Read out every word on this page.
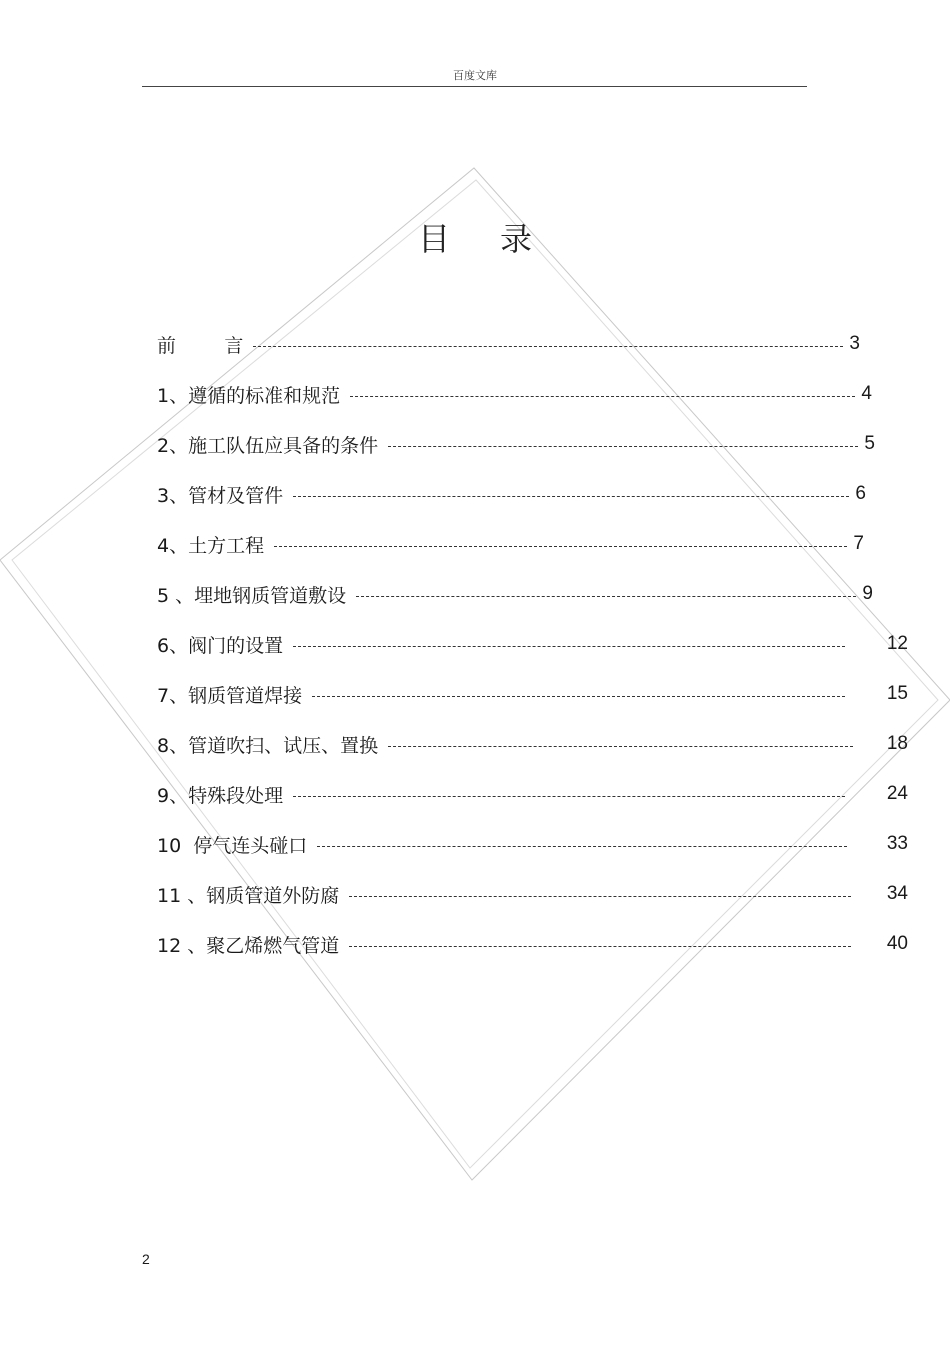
百度文库
目录
前        言	3
1、遵循的标准和规范	4
2、施工队伍应具备的条件	5
3、管材及管件	6
4、土方工程	7
5 、埋地钢质管道敷设	9
6、阀门的设置	12
7、钢质管道焊接	15
8、管道吹扫、试压、置换	18
9、特殊段处理	24
10  停气连头碰口	33
11 、钢质管道外防腐	34
12 、聚乙烯燃气管道	40
2
